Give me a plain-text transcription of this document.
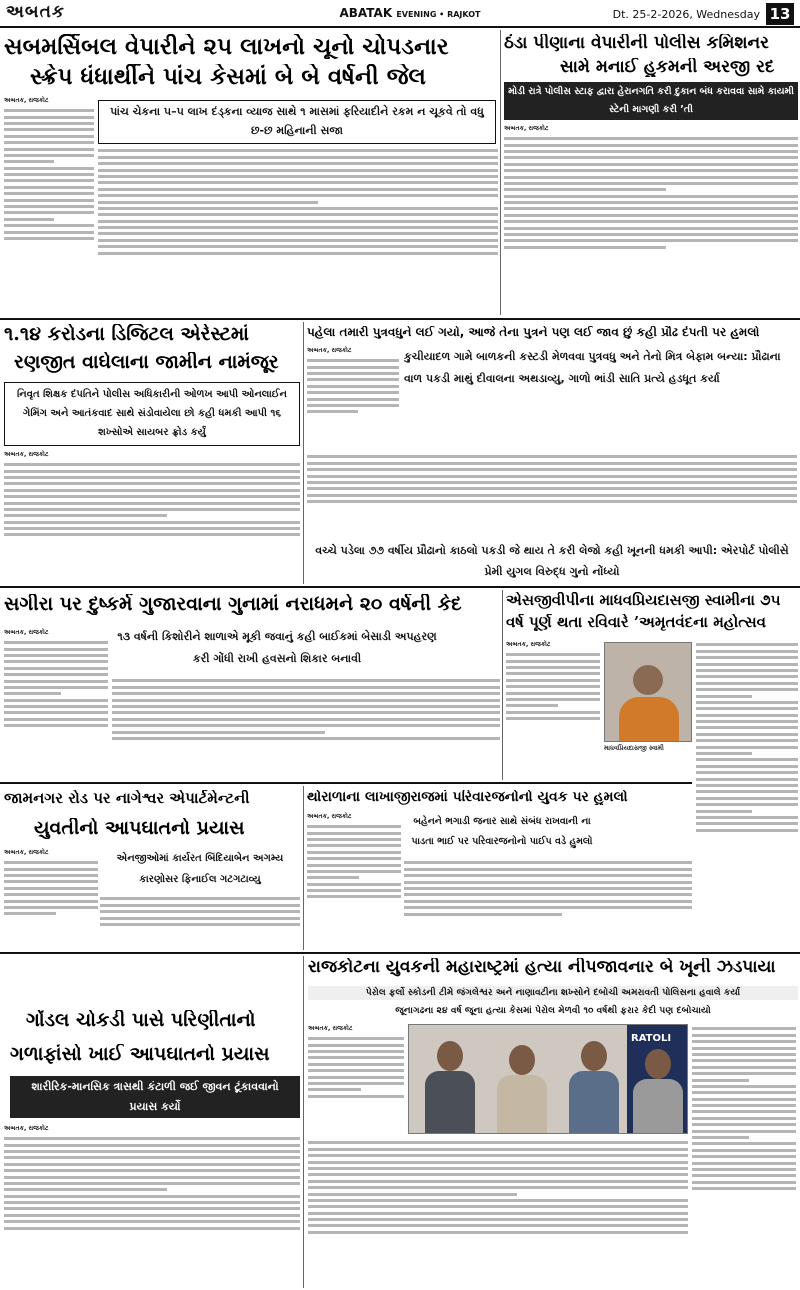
અબતક	ABATAK EVENING • RAJKOT	Dt. 25-2-2026, Wednesday 13
સબમર્સિબલ વેપારીને ૨૫ લાખનો ચૂનો ચોપડનાર
સ્ક્રેપ ધંધાર્થીને પાંચ કેસમાં બે બે વર્ષની જેલ
પાંચ ચેકના ૫–૫ લાખ દંડ્કના વ્યાજ સાથે ૧ માસમાં ફરિયાદીને રકમ ન ચૂકવે તો વધુ છ-છ મહિનાની સજા
અબતક, રાજકોટ
ઠંડા પીણાના વેપારીની પોલીસ કમિશનર
સામે મનાઈ હુકમની અરજી રદ
મોડી રાત્રે પોલીસ સ્ટાફ દ્વારા હેરાનગતિ કરી દુકાન બંધ કરાવવા સામે કાયમી સ્ટેની માગણી કરી ’તી
અબતક, રાજકોટ
૧.૧૪ કરોડના ડિજિટલ એરેસ્ટમાં
રણજીત વાઘેલાના જામીન નામંજૂર
નિવૃત શિક્ષક દંપતિને પોલીસ અધિકારીની ઓળખ આપી ઓનલાઈન ગેમિંગ અને આતંકવાદ સાથે સંડોવાયેલા છો કહી ધમકી આપી ૧૬ શખ્સોએ સાયબર ફ્રોડ કર્યું
અબતક, રાજકોટ
પહેલા તમારી પુત્રવધુને લઈ ગયો, આજે તેના પુત્રને પણ લઈ જાવ છું કહી પ્રૌઢ દંપતી પર હુમલો
અબતક, રાજકોટ	કુચીયાદળ ગામે બાળકની કસ્ટડી મેળવવા પુત્રવધુ અને તેનો મિત્ર બેફામ બન્યા: પ્રૌઢાના વાળ પકડી માથું દીવાલના અથડાવ્યુ, ગાળો ભાંડી સાતિ પ્રત્યે હડધૂત કર્યા
વચ્ચે પડેલા ૭૭ વર્ષીય પ્રૌઢાનો કાઠલો પકડી જે થાય તે કરી લેજો કહી ખૂનની ધમકી આપી: એરપોર્ટ પોલીસે પ્રેમી યુગલ વિરુદ્ધ ગુનો નોંધ્યો
સગીરા પર દુષ્કર્મ ગુજારવાના ગુનામાં નરાધમને ૨૦ વર્ષની કેદ
અબતક, રાજકોટ	૧૩ વર્ષની કિશોરીને શાળાએ મૂકી જવાનું કહી બાઈકમાં બેસાડી અપહરણ કરી ગોંધી રાખી હવસનો શિકાર બનાવી
એસજીવીપીના માધવપ્રિયદાસજી સ્વામીના ૭૫
વર્ષ પૂર્ણ થતા રવિવારે ’અમૃતવંદના મહોત્સવ
અબતક, રાજકોટ
માધવપ્રિયદાસજી સ્વામી
જામનગર રોડ પર નાગેશ્વર એપાર્ટમેન્ટની
યુવતીનો આપઘાતનો પ્રયાસ
અબતક, રાજકોટ
એનજીઓમાં કાર્યરત બિંદિયાબેન અગમ્ય કારણોસર ફિનાઈલ ગટગટાવ્યુ
થોરાળાના લાખાજીરાજમાં પરિવારજનોનો યુવક પર હુમલો
અબતક, રાજકોટ	બહેનને ભગાડી જનાર સાથે સંબંધ રાખવાની ના પાડતા ભાઈ પર પરિવારજનોનો પાઈપ વડે હુમલો
રાજકોટના યુવકની મહારાષ્ટ્રમાં હત્યા નીપજાવનાર બે ખૂની ઝડપાયા
પેરોલ ફર્લો સ્કોડની ટીમે જંગલેશ્વર અને નાણાવટીના શખ્સોને દબોચી અમરાવતી પોલિસના હવાલે કર્યા
જૂનાગઢના ૨૪ વર્ષ જૂના હત્યા કેસમાં પેરોલ મેળવી ૧૦ વર્ષથી ફરાર કેદી પણ દબોચાયો
અબતક, રાજકોટ
RATOLI
ગોંડલ ચોકડી પાસે પરિણીતાનો
ગળાફાંસો ખાઈ આપઘાતનો પ્રયાસ
શારીરિક-માનસિક ત્રાસથી કંટાળી જઈ જીવન ટૂંકાવવાનો પ્રયાસ કર્યો
અબતક, રાજકોટ
